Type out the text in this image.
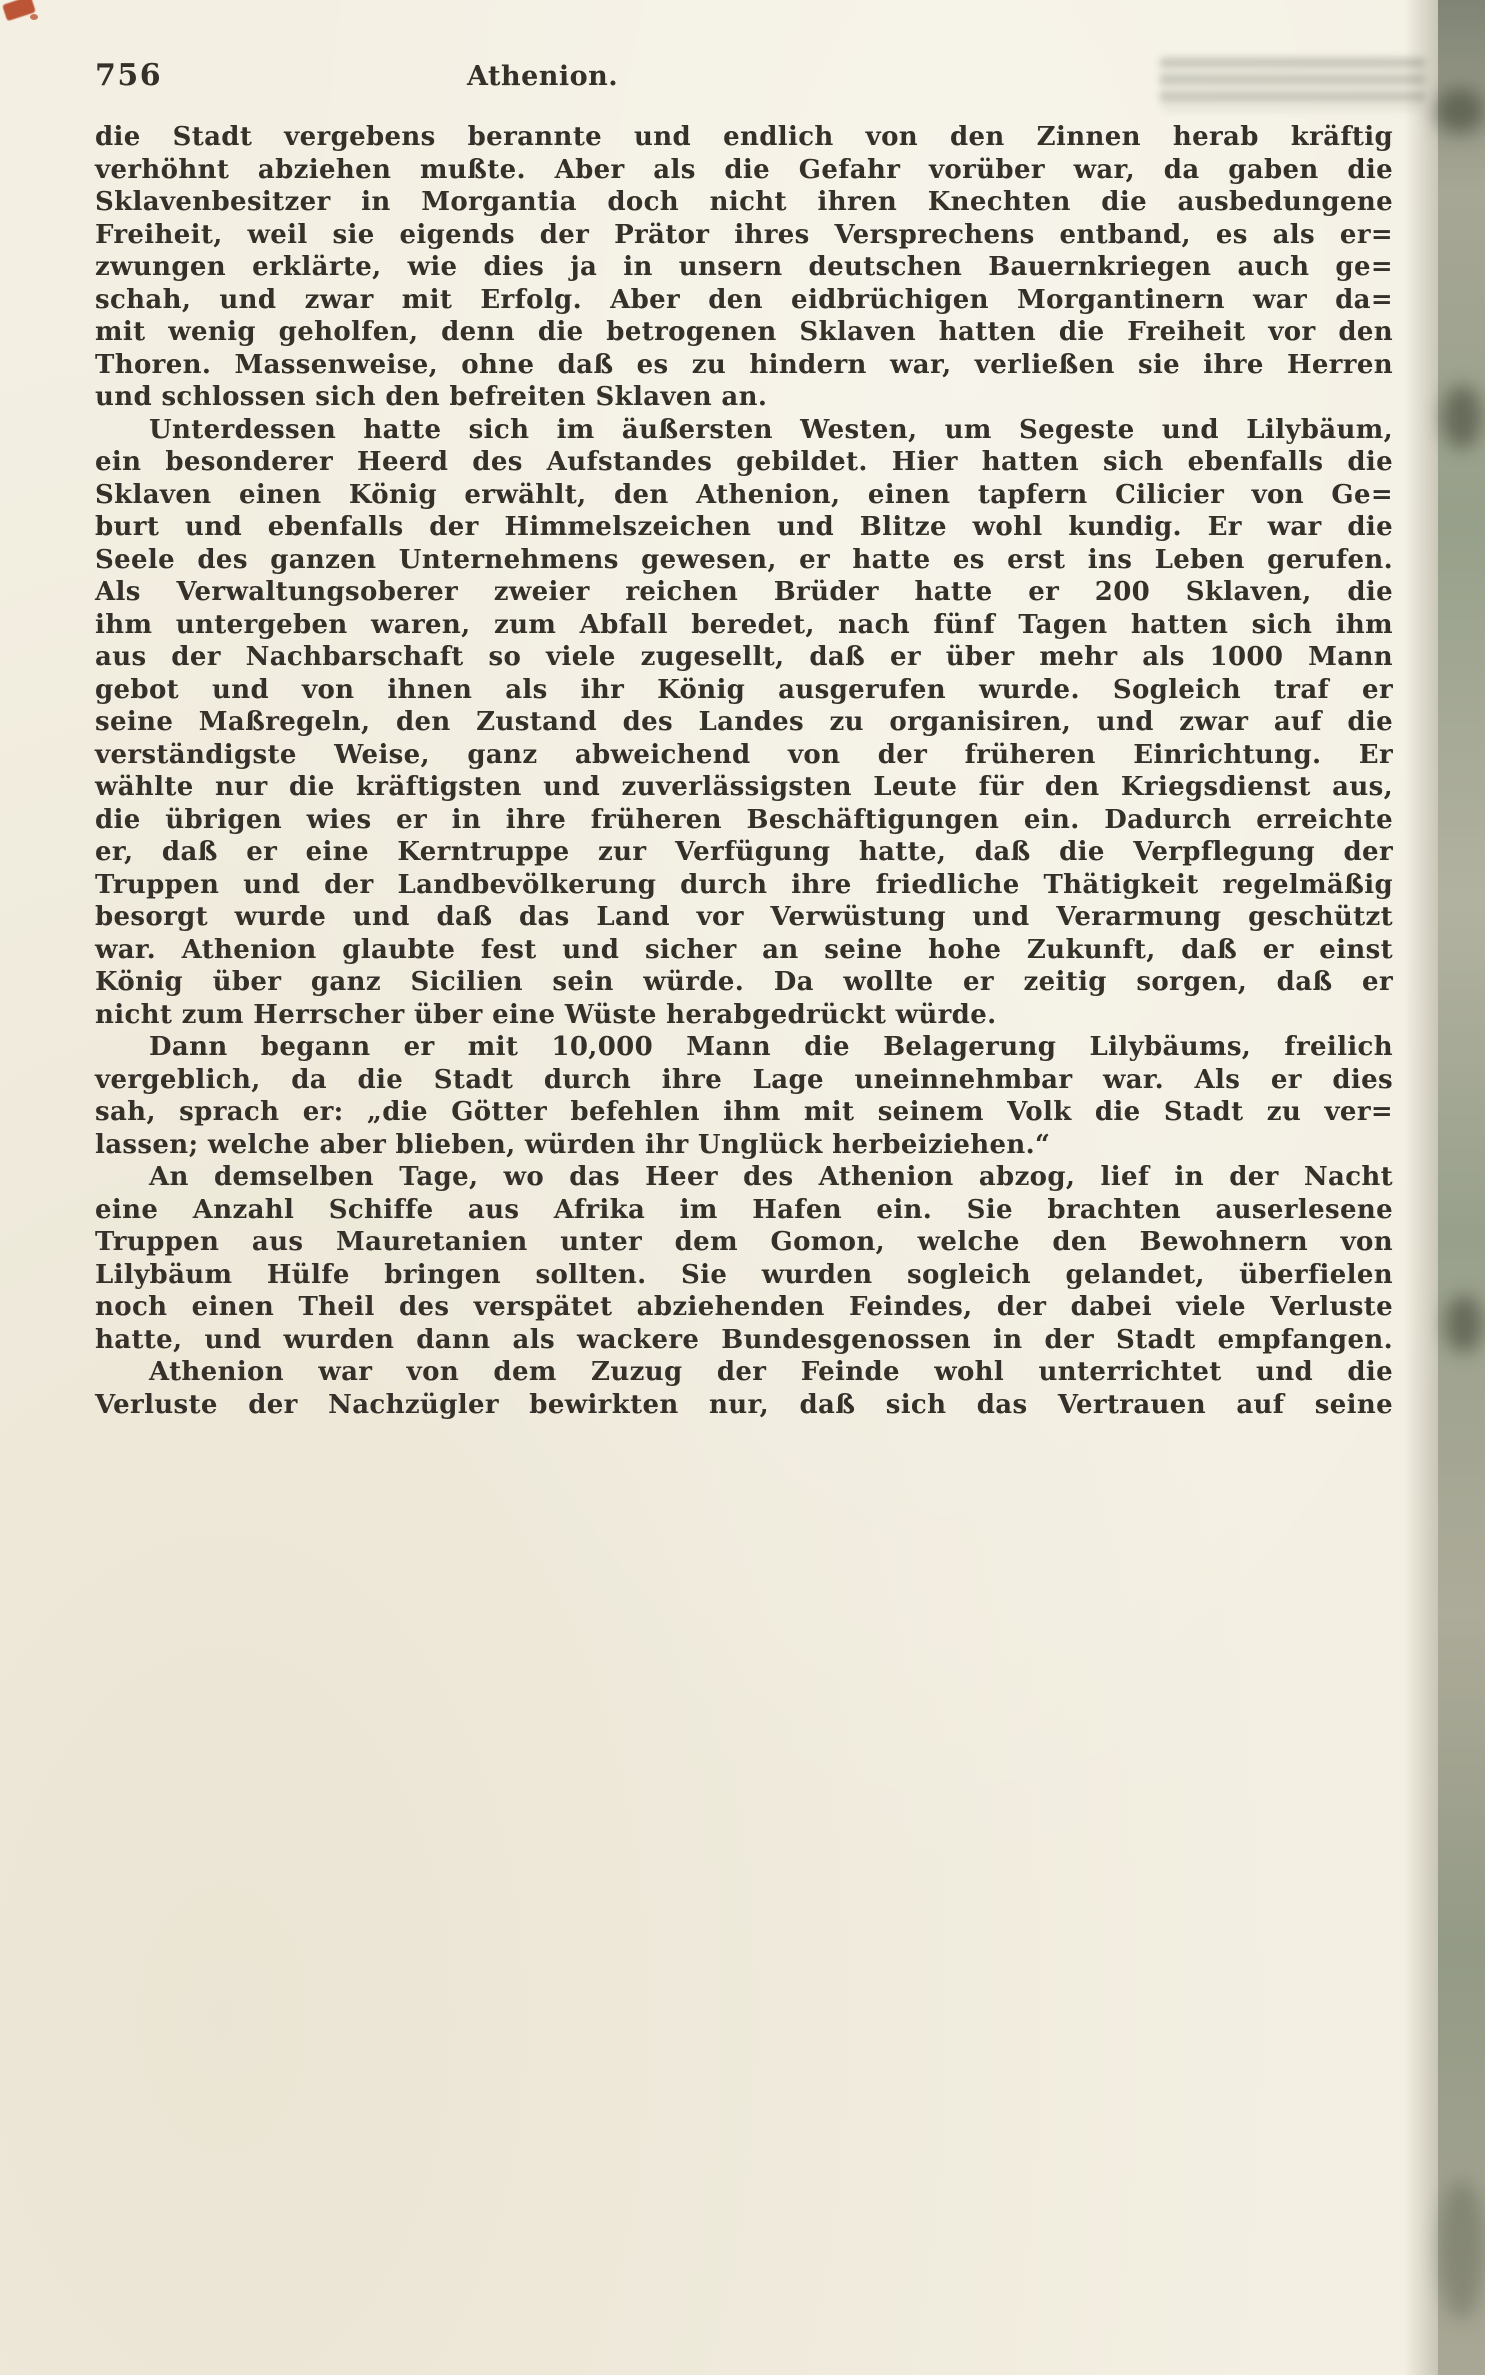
756	Athenion.
die Stadt vergebens berannte und endlich von den Zinnen herab kräftig
verhöhnt abziehen mußte. Aber als die Gefahr vorüber war, da gaben die
Sklavenbesitzer in Morgantia doch nicht ihren Knechten die ausbedungene
Freiheit, weil sie eigends der Prätor ihres Versprechens entband, es als er=
zwungen erklärte, wie dies ja in unsern deutschen Bauernkriegen auch ge=
schah, und zwar mit Erfolg. Aber den eidbrüchigen Morgantinern war da=
mit wenig geholfen, denn die betrogenen Sklaven hatten die Freiheit vor den
Thoren. Massenweise, ohne daß es zu hindern war, verließen sie ihre Herren
und schlossen sich den befreiten Sklaven an.
Unterdessen hatte sich im äußersten Westen, um Segeste und Lilybäum,
ein besonderer Heerd des Aufstandes gebildet. Hier hatten sich ebenfalls die
Sklaven einen König erwählt, den Athenion, einen tapfern Cilicier von Ge=
burt und ebenfalls der Himmelszeichen und Blitze wohl kundig. Er war die
Seele des ganzen Unternehmens gewesen, er hatte es erst ins Leben gerufen.
Als Verwaltungsoberer zweier reichen Brüder hatte er 200 Sklaven, die
ihm untergeben waren, zum Abfall beredet, nach fünf Tagen hatten sich ihm
aus der Nachbarschaft so viele zugesellt, daß er über mehr als 1000 Mann
gebot und von ihnen als ihr König ausgerufen wurde. Sogleich traf er
seine Maßregeln, den Zustand des Landes zu organisiren, und zwar auf die
verständigste Weise, ganz abweichend von der früheren Einrichtung. Er
wählte nur die kräftigsten und zuverlässigsten Leute für den Kriegsdienst aus,
die übrigen wies er in ihre früheren Beschäftigungen ein. Dadurch erreichte
er, daß er eine Kerntruppe zur Verfügung hatte, daß die Verpflegung der
Truppen und der Landbevölkerung durch ihre friedliche Thätigkeit regelmäßig
besorgt wurde und daß das Land vor Verwüstung und Verarmung geschützt
war. Athenion glaubte fest und sicher an seine hohe Zukunft, daß er einst
König über ganz Sicilien sein würde. Da wollte er zeitig sorgen, daß er
nicht zum Herrscher über eine Wüste herabgedrückt würde.
Dann begann er mit 10,000 Mann die Belagerung Lilybäums, freilich
vergeblich, da die Stadt durch ihre Lage uneinnehmbar war. Als er dies
sah, sprach er: „die Götter befehlen ihm mit seinem Volk die Stadt zu ver=
lassen; welche aber blieben, würden ihr Unglück herbeiziehen.“
An demselben Tage, wo das Heer des Athenion abzog, lief in der Nacht
eine Anzahl Schiffe aus Afrika im Hafen ein. Sie brachten auserlesene
Truppen aus Mauretanien unter dem Gomon, welche den Bewohnern von
Lilybäum Hülfe bringen sollten. Sie wurden sogleich gelandet, überfielen
noch einen Theil des verspätet abziehenden Feindes, der dabei viele Verluste
hatte, und wurden dann als wackere Bundesgenossen in der Stadt empfangen.
Athenion war von dem Zuzug der Feinde wohl unterrichtet und die
Verluste der Nachzügler bewirkten nur, daß sich das Vertrauen auf seine
